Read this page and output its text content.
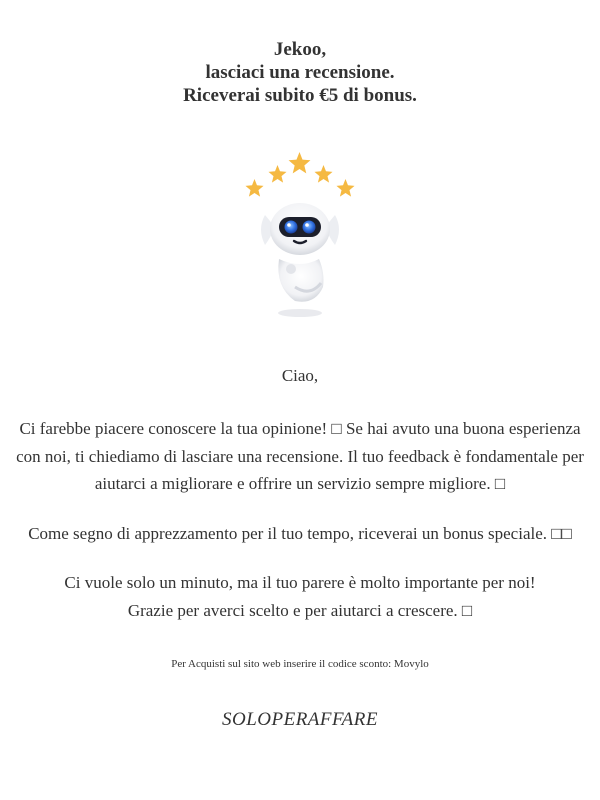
Jekoo,
lasciaci una recensione.
Riceverai subito €5 di bonus.

Ciao,

Ci farebbe piacere conoscere la tua opinione! □ Se hai avuto una buona esperienza con noi, ti chiediamo di lasciare una recensione. Il tuo feedback è fondamentale per aiutarci a migliorare e offrire un servizio sempre migliore. □

Come segno di apprezzamento per il tuo tempo, riceverai un bonus speciale. □□

Ci vuole solo un minuto, ma il tuo parere è molto importante per noi!
Grazie per averci scelto e per aiutarci a crescere. □

Per Acquisti sul sito web inserire il codice sconto: Movylo

SOLOPERAFFARE
